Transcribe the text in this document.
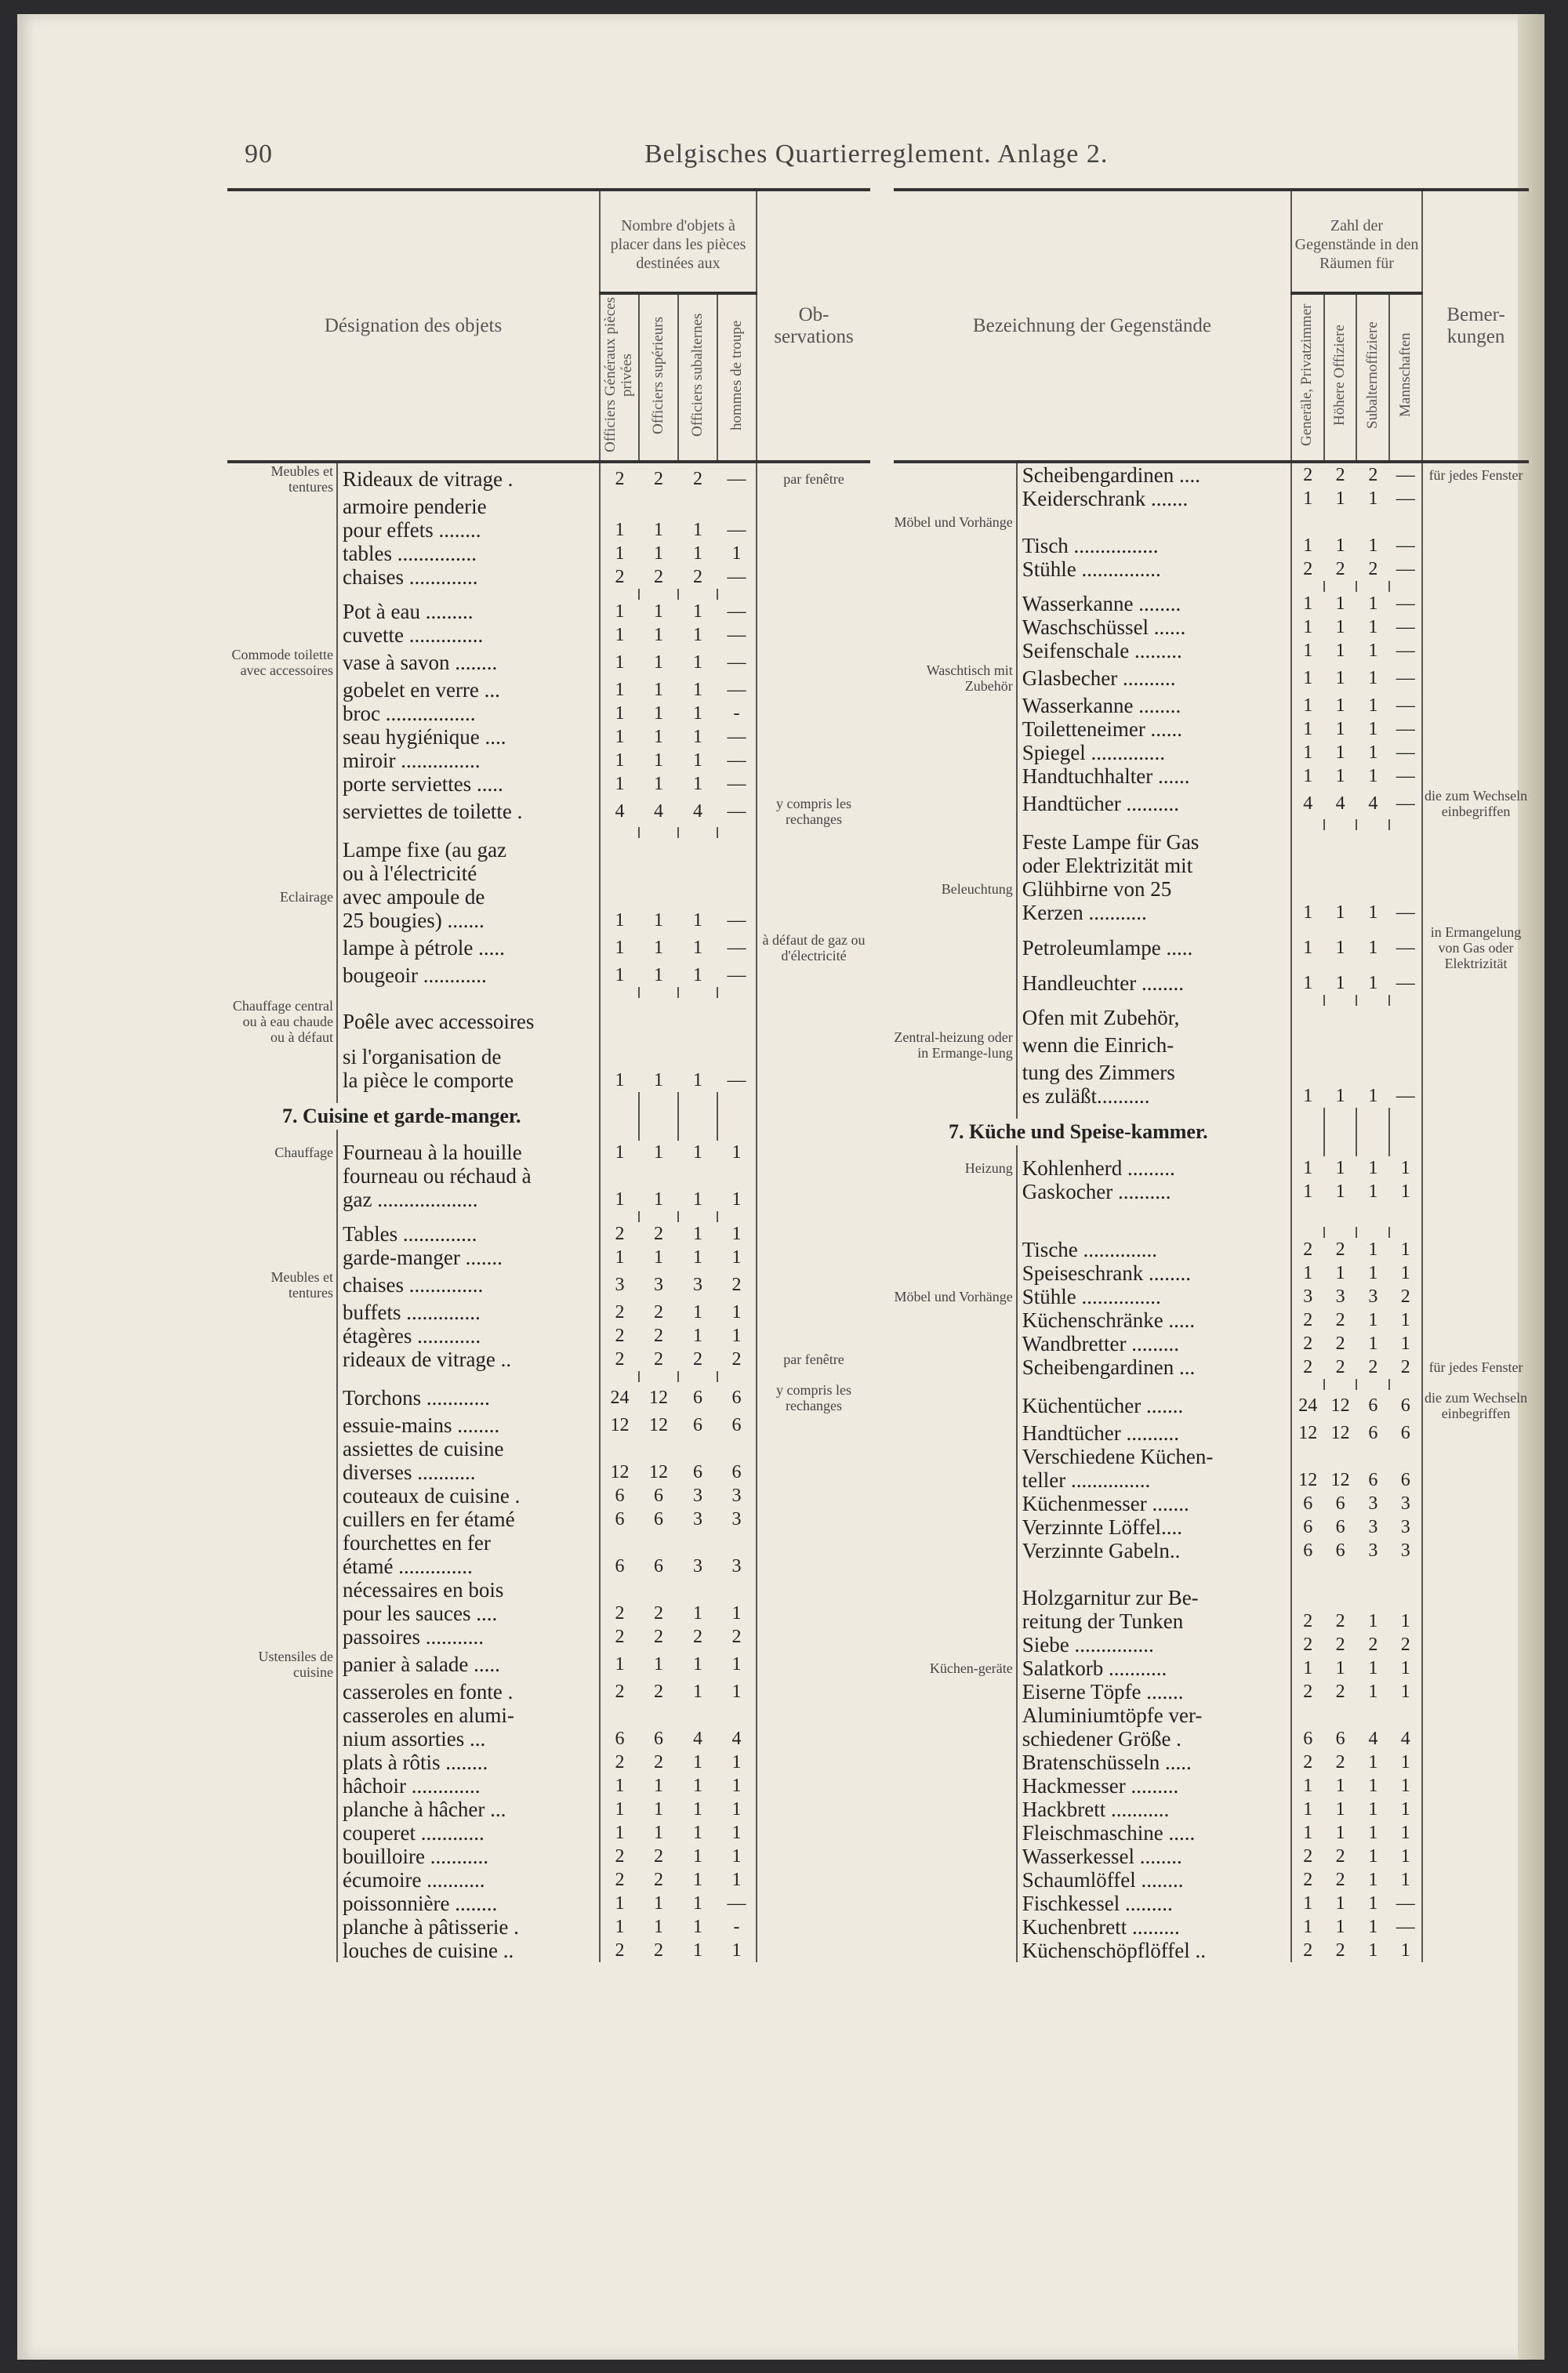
90	Belgisches Quartierreglement. Anlage 2.
Désignation des objets		Nombre d'objets à placer dans les pièces destinées aux				Ob- servations
		Officiers Généraux pièces privées	Officiers supérieurs	Officiers subalternes	hommes de troupe	
Meubles et tentures	Rideaux de vitrage .	2	2	2	—	par fenêtre
	armoire penderie					
	pour effets ........	1	1	1	—	
	tables ...............	1	1	1	1	
	chaises .............	2	2	2	—	

	Pot à eau .........	1	1	1	—	
	cuvette ..............	1	1	1	—	
Commode toilette avec accessoires	vase à savon ........	1	1	1	—	
	gobelet en verre ...	1	1	1	—	
	broc .................	1	1	1	-	
	seau hygiénique ....	1	1	1	—	
	miroir ...............	1	1	1	—	
	porte serviettes .....	1	1	1	—	
	serviettes de toilette .	4	4	4	—	y compris les rechanges

	Lampe fixe (au gaz					
	ou à l'électricité					
Eclairage	avec ampoule de					
	25 bougies) .......	1	1	1	—	
	lampe à pétrole .....	1	1	1	—	à défaut de gaz ou d'électricité
	bougeoir ............	1	1	1	—	

Chauffage central ou à eau chaude ou à défaut	Poêle avec accessoires					
	si l'organisation de					
	la pièce le comporte	1	1	1	—	

7. Cuisine et garde-manger.						

Chauffage	Fourneau à la houille	1	1	1	1	
	fourneau ou réchaud à					
	gaz ...................	1	1	1	1	

	Tables ..............	2	2	1	1	
	garde-manger .......	1	1	1	1	
Meubles et tentures	chaises ..............	3	3	3	2	
	buffets ..............	2	2	1	1	
	étagères ............	2	2	1	1	
	rideaux de vitrage ..	2	2	2	2	par fenêtre

	Torchons ............	24	12	6	6	y compris les rechanges
	essuie-mains ........	12	12	6	6	
	assiettes de cuisine					
	diverses ...........	12	12	6	6	
	couteaux de cuisine .	6	6	3	3	
	cuillers en fer étamé	6	6	3	3	
	fourchettes en fer					
	étamé ..............	6	6	3	3	
	nécessaires en bois					
	pour les sauces ....	2	2	1	1	
	passoires ...........	2	2	2	2	
Ustensiles de cuisine	panier à salade .....	1	1	1	1	
	casseroles en fonte .	2	2	1	1	
	casseroles en alumi-					
	nium assorties ...	6	6	4	4	
	plats à rôtis ........	2	2	1	1	
	hâchoir .............	1	1	1	1	
	planche à hâcher ...	1	1	1	1	
	couperet ............	1	1	1	1	
	bouilloire ...........	2	2	1	1	
	écumoire ...........	2	2	1	1	
	poissonnière ........	1	1	1	—	
	planche à pâtisserie .	1	1	1	-	
	louches de cuisine ..	2	2	1	1	
Bezeichnung der Gegenstände		Zahl der Gegenstände in den Räumen für				Bemer- kungen
		Generäle, Privatzimmer	Höhere Offiziere	Subalternoffiziere	Mannschaften	
	Scheibengardinen ....	2	2	2	—	für jedes Fenster
	Keiderschrank .......	1	1	1	—	
Möbel und Vorhänge						
	Tisch ................	1	1	1	—	
	Stühle ...............	2	2	2	—	

	Wasserkanne ........	1	1	1	—	
	Waschschüssel ......	1	1	1	—	
	Seifenschale .........	1	1	1	—	
Waschtisch mit Zubehör	Glasbecher ..........	1	1	1	—	
	Wasserkanne ........	1	1	1	—	
	Toiletteneimer ......	1	1	1	—	
	Spiegel ..............	1	1	1	—	
	Handtuchhalter ......	1	1	1	—	
	Handtücher ..........	4	4	4	—	die zum Wechseln einbegriffen

	Feste Lampe für Gas					
	oder Elektrizität mit					
Beleuchtung	Glühbirne von 25					
	Kerzen ...........	1	1	1	—	
	Petroleumlampe .....	1	1	1	—	in Ermangelung von Gas oder Elektrizität
	Handleuchter ........	1	1	1	—	

	Ofen mit Zubehör,					
Zentral-heizung oder in Ermange-lung	wenn die Einrich-					
	tung des Zimmers					
	es zuläßt..........	1	1	1	—	

7. Küche und Speise-kammer.						

Heizung	Kohlenherd .........	1	1	1	1	
	Gaskocher ..........	1	1	1	1	

	Tische ..............	2	2	1	1	
	Speiseschrank ........	1	1	1	1	
Möbel und Vorhänge	Stühle ...............	3	3	3	2	
	Küchenschränke .....	2	2	1	1	
	Wandbretter .........	2	2	1	1	
	Scheibengardinen ...	2	2	2	2	für jedes Fenster

	Küchentücher .......	24	12	6	6	die zum Wechseln einbegriffen
	Handtücher ..........	12	12	6	6	
	Verschiedene Küchen-					
	teller ...............	12	12	6	6	
	Küchenmesser .......	6	6	3	3	
	Verzinnte Löffel....	6	6	3	3	
	Verzinnte Gabeln..	6	6	3	3	

	Holzgarnitur zur Be-					
	reitung der Tunken	2	2	1	1	
	Siebe ...............	2	2	2	2	
Küchen-geräte	Salatkorb ...........	1	1	1	1	
	Eiserne Töpfe .......	2	2	1	1	
	Aluminiumtöpfe ver-					
	schiedener Größe .	6	6	4	4	
	Bratenschüsseln .....	2	2	1	1	
	Hackmesser .........	1	1	1	1	
	Hackbrett ...........	1	1	1	1	
	Fleischmaschine .....	1	1	1	1	
	Wasserkessel ........	2	2	1	1	
	Schaumlöffel ........	2	2	1	1	
	Fischkessel .........	1	1	1	—	
	Kuchenbrett .........	1	1	1	—	
	Küchenschöpflöffel ..	2	2	1	1	
